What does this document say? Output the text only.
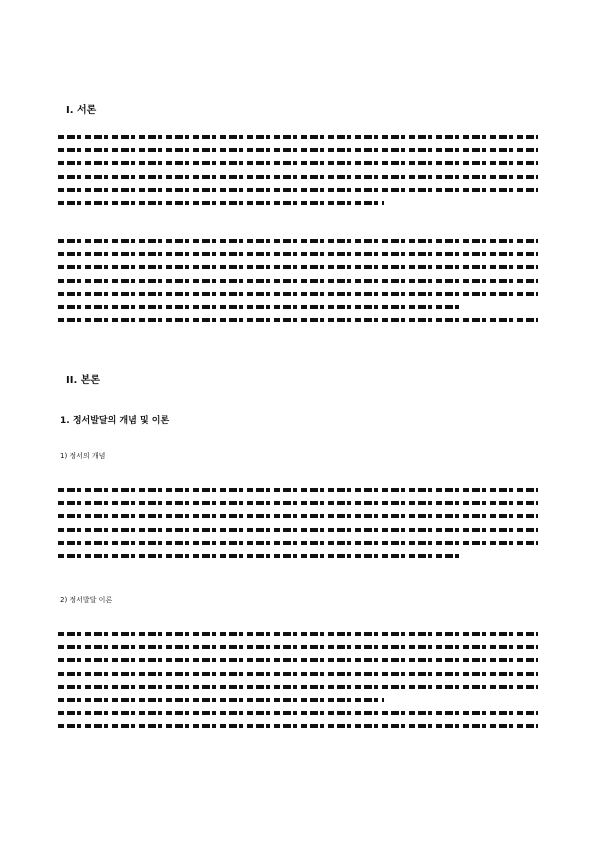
I. 서론
II. 본론
1. 정서발달의 개념 및 이론
1) 정서의 개념
2) 정서발달 이론
